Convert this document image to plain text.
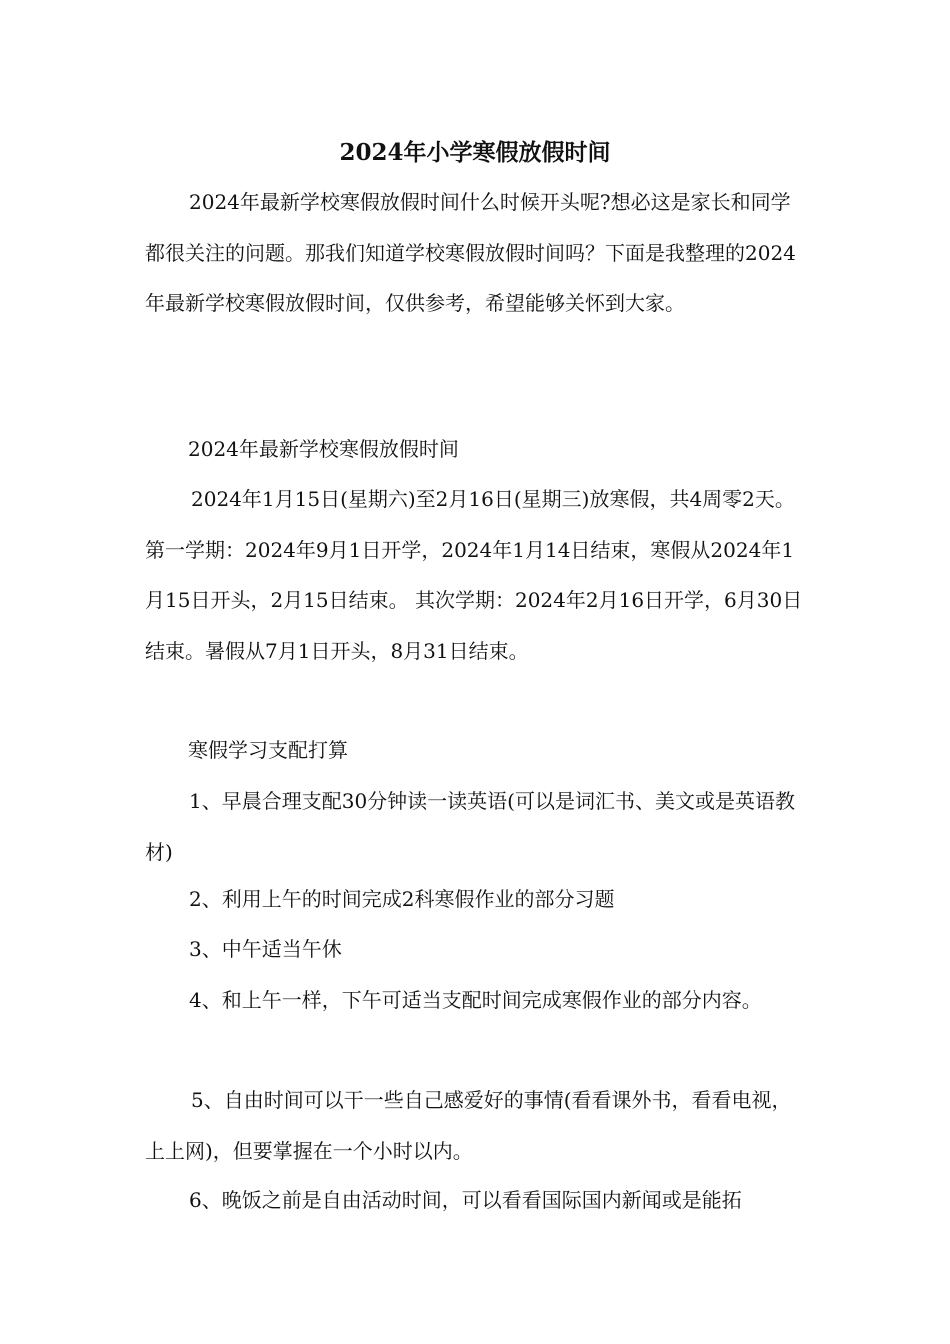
2024年小学寒假放假时间

2024年最新学校寒假放假时间什么时候开头呢?想必这是家长和同学都很关注的问题。那我们知道学校寒假放假时间吗？下面是我整理的2024年最新学校寒假放假时间，仅供参考，希望能够关怀到大家。

2024年最新学校寒假放假时间

2024年1月15日(星期六)至2月16日(星期三)放寒假，共4周零2天。 第一学期：2024年9月1日开学，2024年1月14日结束，寒假从2024年1月15日开头，2月15日结束。 其次学期：2024年2月16日开学，6月30日结束。暑假从7月1日开头，8月31日结束。

寒假学习支配打算

1、早晨合理支配30分钟读一读英语(可以是词汇书、美文或是英语教材)

2、利用上午的时间完成2科寒假作业的部分习题

3、中午适当午休

4、和上午一样，下午可适当支配时间完成寒假作业的部分内容。

5、自由时间可以干一些自己感爱好的事情(看看课外书，看看电视，上上网)，但要掌握在一个小时以内。

6、晚饭之前是自由活动时间，可以看看国际国内新闻或是能拓
